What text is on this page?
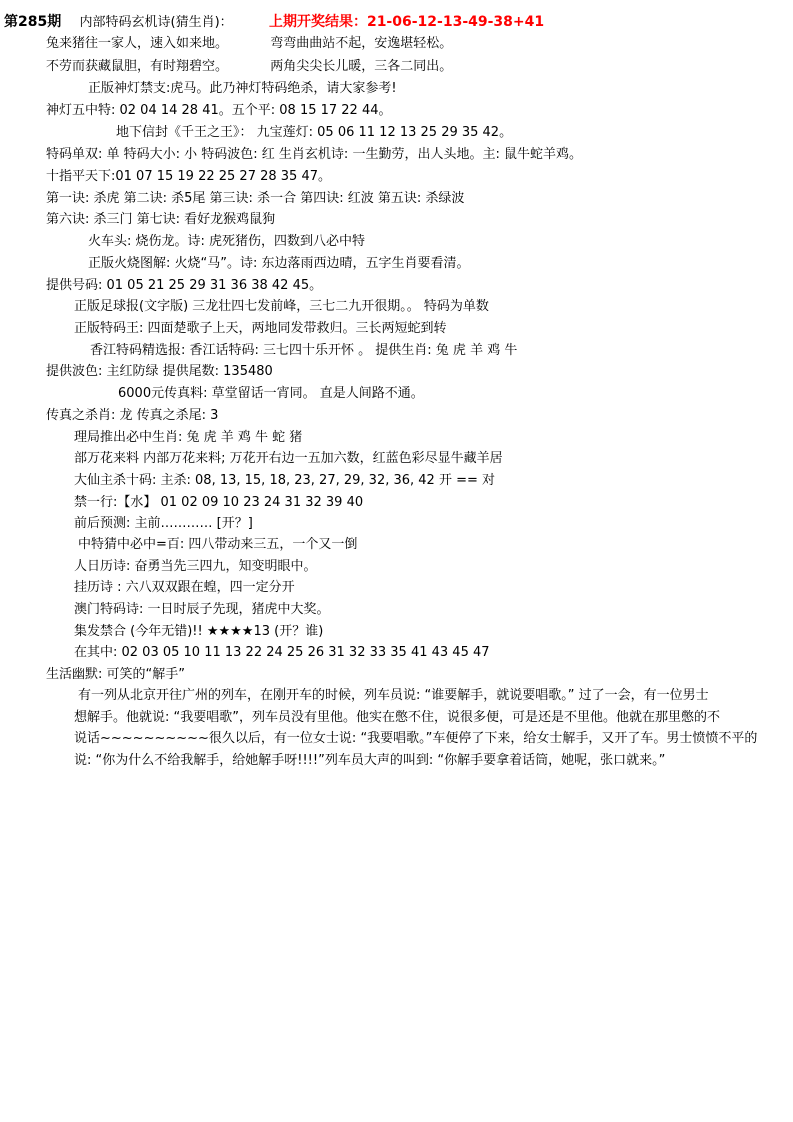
第285期 内部特码玄机诗(猜生肖)：	上期开奖结果：21-06-12-13-49-38+41
兔来猪往一家人，速入如来地。	弯弯曲曲站不起，安逸堪轻松。
不劳而获藏鼠胆，有时翔碧空。	两角尖尖长儿暖，三各二同出。
正版神灯禁支:虎马。此乃神灯特码绝杀，请大家参考!
神灯五中特: 02 04 14 28 41。五个平: 08 15 17 22 44。
地下信封《千王之王》： 九宝莲灯: 05 06 11 12 13 25 29 35 42。
特码单双: 单 特码大小: 小 特码波色: 红 生肖玄机诗: 一生勤劳，出人头地。主: 鼠牛蛇羊鸡。
十指平天下:01 07 15 19 22 25 27 28 35 47。
第一诀: 杀虎 第二诀: 杀5尾 第三诀: 杀一合 第四诀: 红波 第五诀: 杀绿波
第六诀: 杀三门 第七诀: 看好龙猴鸡鼠狗
火车头: 烧伤龙。诗: 虎死猪伤，四数到八必中特
正版火烧图解: 火烧“马”。诗: 东边落雨西边晴，五字生肖要看清。
提供号码: 01 05 21 25 29 31 36 38 42 45。
正版足球报(文字版) 三龙壮四七发前峰，三七二九开很期。。 特码为单数
正版特码王: 四面楚歌子上天，两地同发带救归。三长两短蛇到转
香江特码精选报: 香江话特码: 三七四十乐开怀 。 提供生肖: 兔 虎 羊 鸡 牛
提供波色: 主红防绿 提供尾数: 135480
6000元传真料: 草堂留话一宵同。 直是人间路不通。
传真之杀肖: 龙 传真之杀尾: 3
理局推出必中生肖: 兔 虎 羊 鸡 牛 蛇 猪
部万花来料 内部万花来料; 万花开右边一五加六数，红蓝色彩尽显牛藏羊居
大仙主杀十码: 主杀: 08, 13, 15, 18, 23, 27, 29, 32, 36, 42 开 == 对
禁一行:【水】 01 02 09 10 23 24 31 32 39 40
前后预测: 主前………… [开？]
中特猜中必中=百: 四八带动来三五，一个又一倒
人日历诗: 奋勇当先三四九，知变明眼中。
挂历诗 : 六八双双跟在蝗，四一定分开
澳门特码诗: 一日时辰子先现，猪虎中大奖。
集发禁合 (今年无错)!! ★★★★13 (开？谁)
在其中: 02 03 05 10 11 13 22 24 25 26 31 32 33 35 41 43 45 47
生活幽默: 可笑的“解手”
有一列从北京开往广州的列车，在刚开车的时候，列车员说: “谁要解手，就说要唱歌。” 过了一会，有一位男士
想解手。他就说: “我要唱歌”，列车员没有里他。他实在憋不住，说很多便，可是还是不里他。他就在那里憋的不
说话~~~~~~~~~~很久以后，有一位女士说: “我要唱歌。”车便停了下来，给女士解手，又开了车。男士愤愤不平的
说: “你为什么不给我解手，给她解手呀!!!!”列车员大声的叫到: “你解手要拿着话筒，她呢，张口就来。”
